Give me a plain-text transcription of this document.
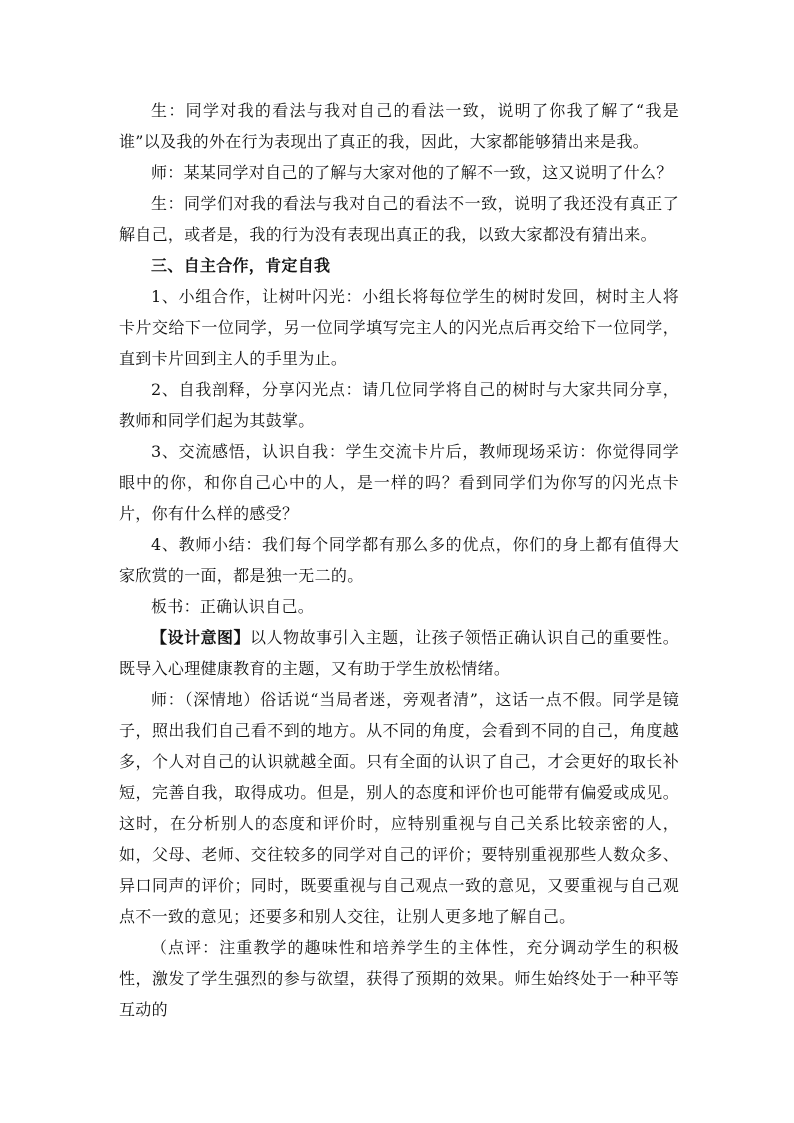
生：同学对我的看法与我对自己的看法一致，说明了你我了解了“我是谁”以及我的外在行为表现出了真正的我，因此，大家都能够猜出来是我。

师：某某同学对自己的了解与大家对他的了解不一致，这又说明了什么？

生：同学们对我的看法与我对自己的看法不一致，说明了我还没有真正了解自己，或者是，我的行为没有表现出真正的我，以致大家都没有猜出来。

三、自主合作，肯定自我

1、小组合作，让树叶闪光：小组长将每位学生的树时发回，树时主人将卡片交给下一位同学，另一位同学填写完主人的闪光点后再交给下一位同学，直到卡片回到主人的手里为止。

2、自我剖释，分享闪光点：请几位同学将自己的树时与大家共同分享，教师和同学们起为其鼓掌。

3、交流感悟，认识自我：学生交流卡片后，教师现场采访：你觉得同学眼中的你，和你自己心中的人，是一样的吗？看到同学们为你写的闪光点卡片，你有什么样的感受？

4、教师小结：我们每个同学都有那么多的优点，你们的身上都有值得大家欣赏的一面，都是独一无二的。

板书：正确认识自己。

【设计意图】以人物故事引入主题，让孩子领悟正确认识自己的重要性。既导入心理健康教育的主题，又有助于学生放松情绪。

师：（深情地）俗话说“当局者迷，旁观者清”，这话一点不假。同学是镜子，照出我们自己看不到的地方。从不同的角度，会看到不同的自己，角度越多，个人对自己的认识就越全面。只有全面的认识了自己，才会更好的取长补短，完善自我，取得成功。但是，别人的态度和评价也可能带有偏爱或成见。这时，在分析别人的态度和评价时，应特别重视与自己关系比较亲密的人，如，父母、老师、交往较多的同学对自己的评价；要特别重视那些人数众多、异口同声的评价；同时，既要重视与自己观点一致的意见，又要重视与自己观点不一致的意见；还要多和别人交往，让别人更多地了解自己。

（点评：注重教学的趣味性和培养学生的主体性，充分调动学生的积极性，激发了学生强烈的参与欲望，获得了预期的效果。师生始终处于一种平等互动的
